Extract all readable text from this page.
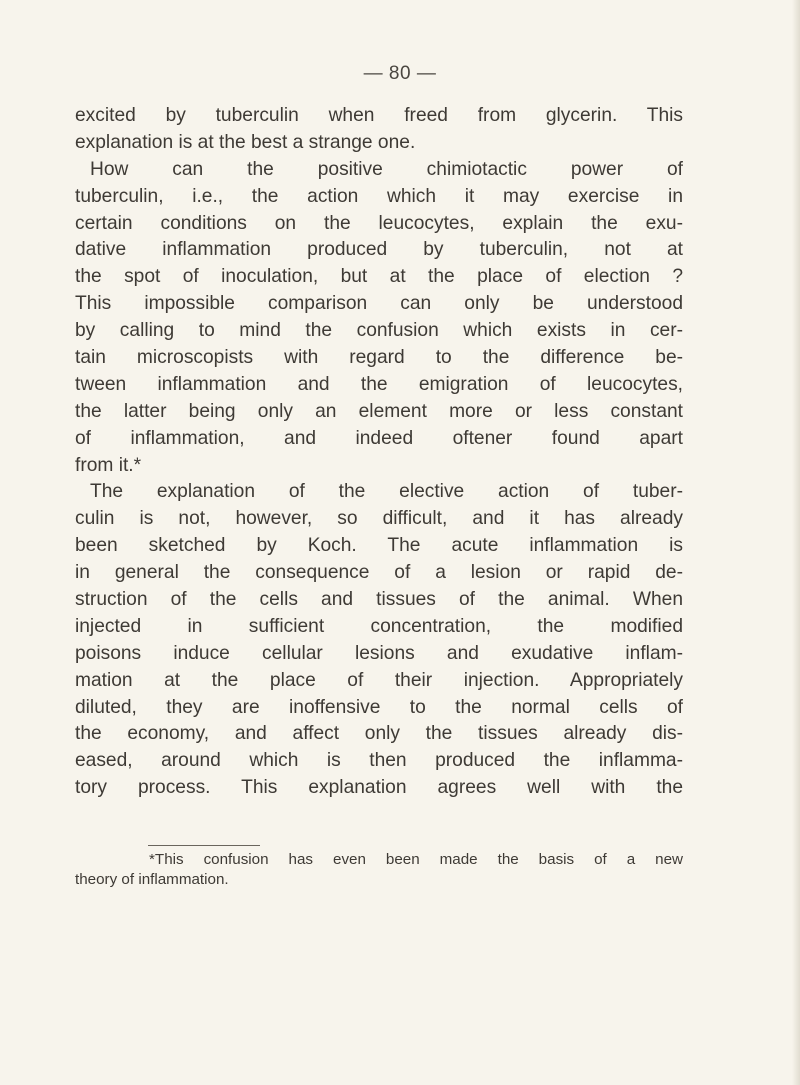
— 80 —
excited by tuberculin when freed from glycerin. This
explanation is at the best a strange one.
How can the positive chimiotactic power of
tuberculin, i.e., the action which it may exercise in
certain conditions on the leucocytes, explain the exu-
dative inflammation produced by tuberculin, not at
the spot of inoculation, but at the place of election ?
This impossible comparison can only be understood
by calling to mind the confusion which exists in cer-
tain microscopists with regard to the difference be-
tween inflammation and the emigration of leucocytes,
the latter being only an element more or less constant
of inflammation, and indeed oftener found apart
from it.*
The explanation of the elective action of tuber-
culin is not, however, so difficult, and it has already
been sketched by Koch. The acute inflammation is
in general the consequence of a lesion or rapid de-
struction of the cells and tissues of the animal. When
injected in sufficient concentration, the modified
poisons induce cellular lesions and exudative inflam-
mation at the place of their injection. Appropriately
diluted, they are inoffensive to the normal cells of
the economy, and affect only the tissues already dis-
eased, around which is then produced the inflamma-
tory process. This explanation agrees well with the
*This confusion has even been made the basis of a new
theory of inflammation.
